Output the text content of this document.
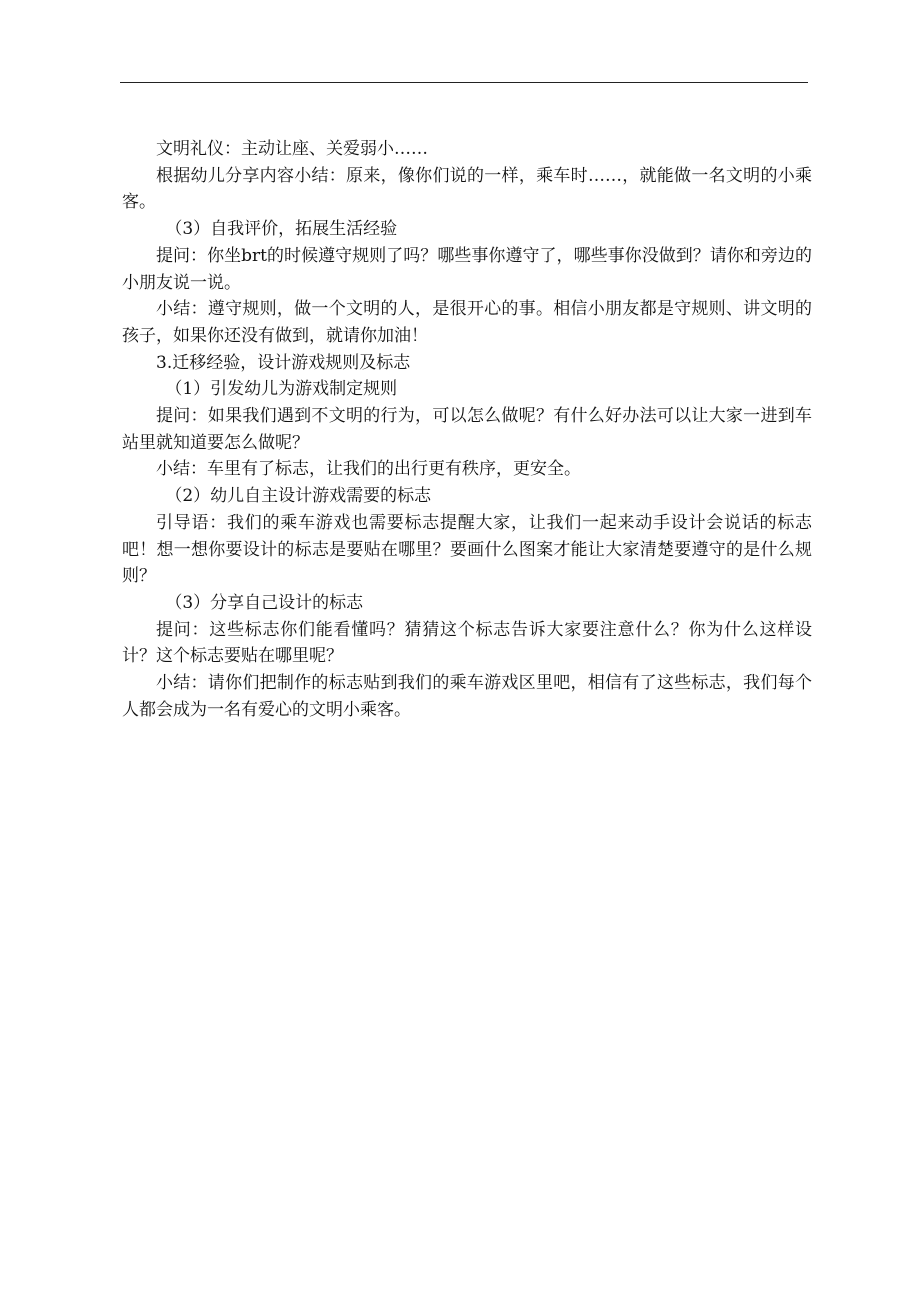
文明礼仪：主动让座、关爱弱小……

根据幼儿分享内容小结：原来，像你们说的一样，乘车时……，就能做一名文明的小乘客。

（3）自我评价，拓展生活经验

提问：你坐brt的时候遵守规则了吗？哪些事你遵守了，哪些事你没做到？请你和旁边的小朋友说一说。

小结：遵守规则，做一个文明的人，是很开心的事。相信小朋友都是守规则、讲文明的孩子，如果你还没有做到，就请你加油！

3.迁移经验，设计游戏规则及标志

（1）引发幼儿为游戏制定规则

提问：如果我们遇到不文明的行为，可以怎么做呢？有什么好办法可以让大家一进到车站里就知道要怎么做呢？

小结：车里有了标志，让我们的出行更有秩序，更安全。

（2）幼儿自主设计游戏需要的标志

引导语：我们的乘车游戏也需要标志提醒大家，让我们一起来动手设计会说话的标志吧！想一想你要设计的标志是要贴在哪里？要画什么图案才能让大家清楚要遵守的是什么规则？

（3）分享自己设计的标志

提问：这些标志你们能看懂吗？猜猜这个标志告诉大家要注意什么？你为什么这样设计？这个标志要贴在哪里呢？

小结：请你们把制作的标志贴到我们的乘车游戏区里吧，相信有了这些标志，我们每个人都会成为一名有爱心的文明小乘客。
